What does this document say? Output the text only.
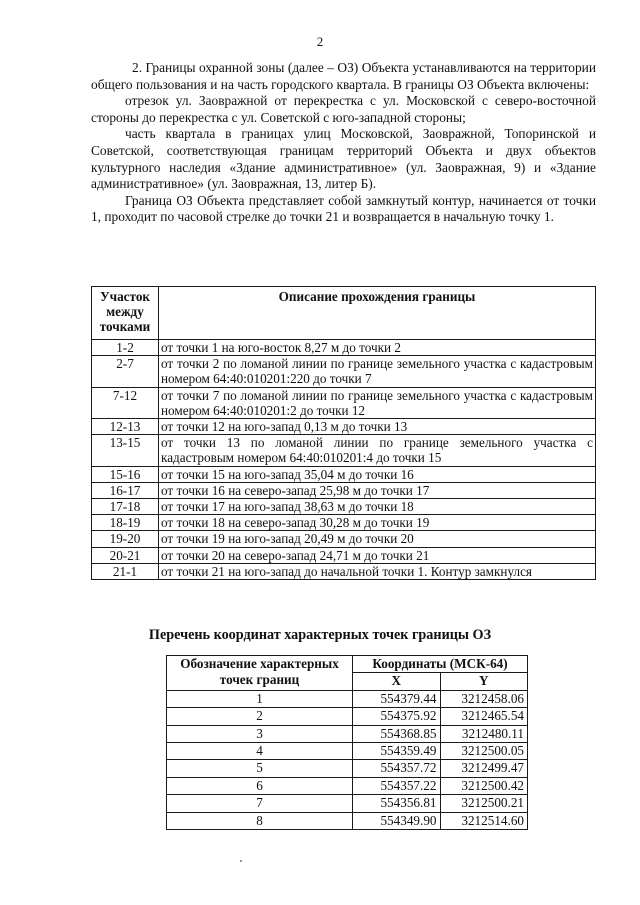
2

2. Границы охранной зоны (далее – ОЗ) Объекта устанавливаются на территории общего пользования и на часть городского квартала. В границы ОЗ Объекта включены:

отрезок ул. Заовражной от перекрестка с ул. Московской с северо-восточной стороны до перекрестка с ул. Советской с юго-западной стороны;

часть квартала в границах улиц Московской, Заовражной, Топоринской и Советской, соответствующая границам территорий Объекта и двух объектов культурного наследия «Здание административное» (ул. Заовражная, 9) и «Здание административное» (ул. Заовражная, 13, литер Б).

Граница ОЗ Объекта представляет собой замкнутый контур, начинается от точки 1, проходит по часовой стрелке до точки 21 и возвращается в начальную точку 1.

Участок
между
точками	Описание прохождения границы
1-2	от точки 1 на юго-восток 8,27 м до точки 2
2-7	от точки 2 по ломаной линии по границе земельного участка с кадастровым номером 64:40:010201:220 до точки 7
7-12	от точки 7 по ломаной линии по границе земельного участка с кадастровым номером 64:40:010201:2 до точки 12
12-13	от точки 12 на юго-запад 0,13 м до точки 13
13-15	от точки 13 по ломаной линии по границе земельного участка с кадастровым номером 64:40:010201:4 до точки 15
15-16	от точки 15 на юго-запад 35,04 м до точки 16
16-17	от точки 16 на северо-запад 25,98 м до точки 17
17-18	от точки 17 на юго-запад 38,63 м до точки 18
18-19	от точки 18 на северо-запад 30,28 м до точки 19
19-20	от точки 19 на юго-запад 20,49 м до точки 20
20-21	от точки 20 на северо-запад 24,71 м до точки 21
21-1	от точки 21 на юго-запад до начальной точки 1. Контур замкнулся
Перечень координат характерных точек границы ОЗ
Обозначение характерных
точек границ	Координаты (МСК-64)	
	X	Y
1	554379.44	3212458.06
2	554375.92	3212465.54
3	554368.85	3212480.11
4	554359.49	3212500.05
5	554357.72	3212499.47
6	554357.22	3212500.42
7	554356.81	3212500.21
8	554349.90	3212514.60
